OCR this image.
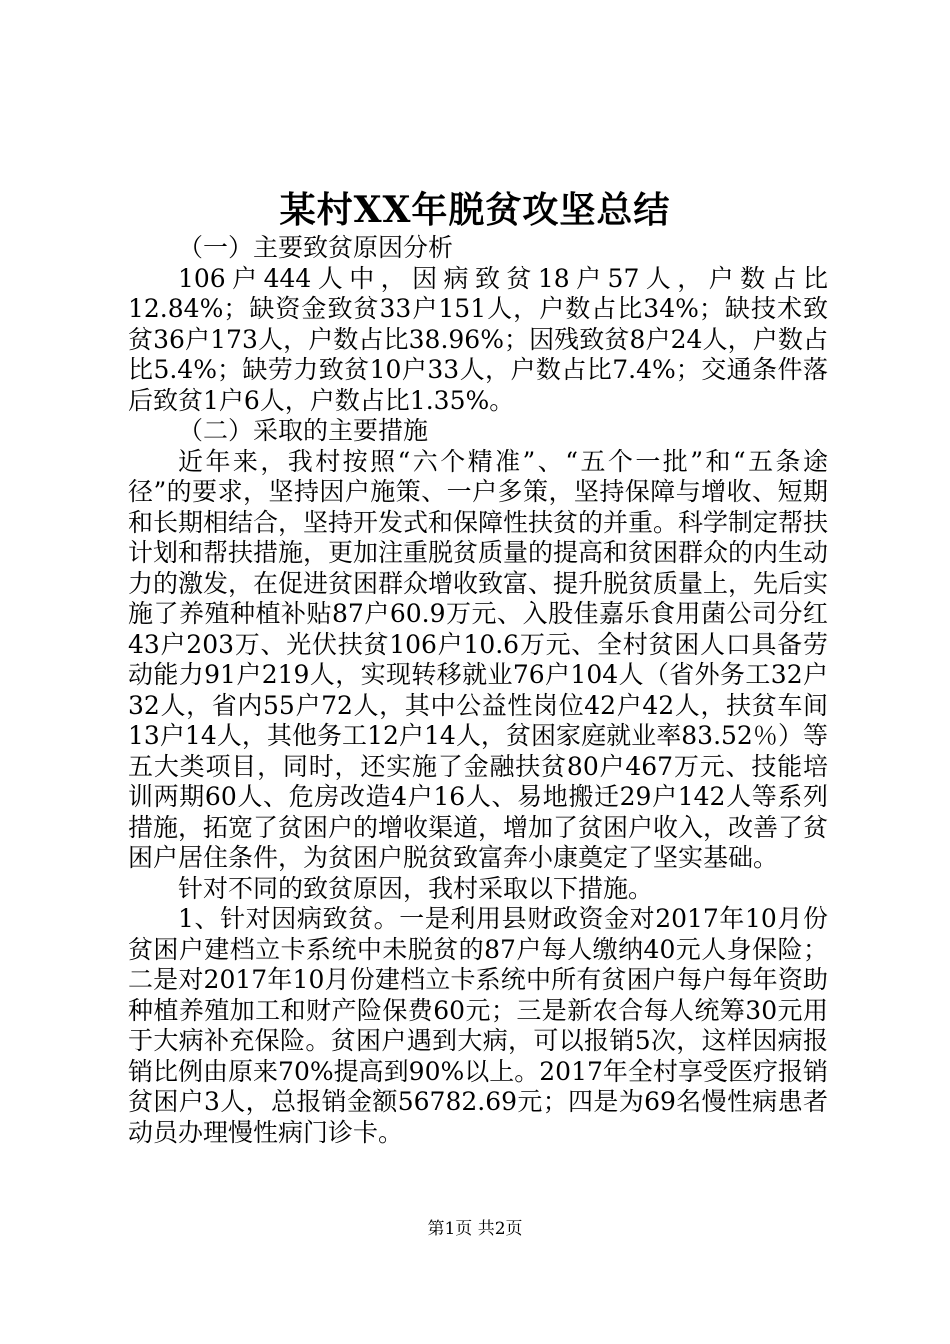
某村XX年脱贫攻坚总结

（一）主要致贫原因分析

106户444人中，因病致贫18户57人，户数占比12.84%；缺资金致贫33户151人，户数占比34%；缺技术致贫36户173人，户数占比38.96%；因残致贫8户24人，户数占比5.4%；缺劳力致贫10户33人，户数占比7.4%；交通条件落后致贫1户6人，户数占比1.35%。

（二）采取的主要措施

近年来，我村按照“六个精准”、“五个一批”和“五条途径”的要求，坚持因户施策、一户多策，坚持保障与增收、短期和长期相结合，坚持开发式和保障性扶贫的并重。科学制定帮扶计划和帮扶措施，更加注重脱贫质量的提高和贫困群众的内生动力的激发，在促进贫困群众增收致富、提升脱贫质量上，先后实施了养殖种植补贴87户60.9万元、入股佳嘉乐食用菌公司分红43户203万、光伏扶贫106户10.6万元、全村贫困人口具备劳动能力91户219人，实现转移就业76户104人（省外务工32户32人，省内55户72人，其中公益性岗位42户42人，扶贫车间13户14人，其他务工12户14人，贫困家庭就业率83.52％）等五大类项目，同时，还实施了金融扶贫80户467万元、技能培训两期60人、危房改造4户16人、易地搬迁29户142人等系列措施，拓宽了贫困户的增收渠道，增加了贫困户收入，改善了贫困户居住条件，为贫困户脱贫致富奔小康奠定了坚实基础。

针对不同的致贫原因，我村采取以下措施。

1、针对因病致贫。一是利用县财政资金对2017年10月份贫困户建档立卡系统中未脱贫的87户每人缴纳40元人身保险；二是对2017年10月份建档立卡系统中所有贫困户每户每年资助种植养殖加工和财产险保费60元；三是新农合每人统筹30元用于大病补充保险。贫困户遇到大病，可以报销5次，这样因病报销比例由原来70%提高到90%以上。2017年全村享受医疗报销贫困户3人，总报销金额56782.69元；四是为69名慢性病患者动员办理慢性病门诊卡。

第1页 共2页
